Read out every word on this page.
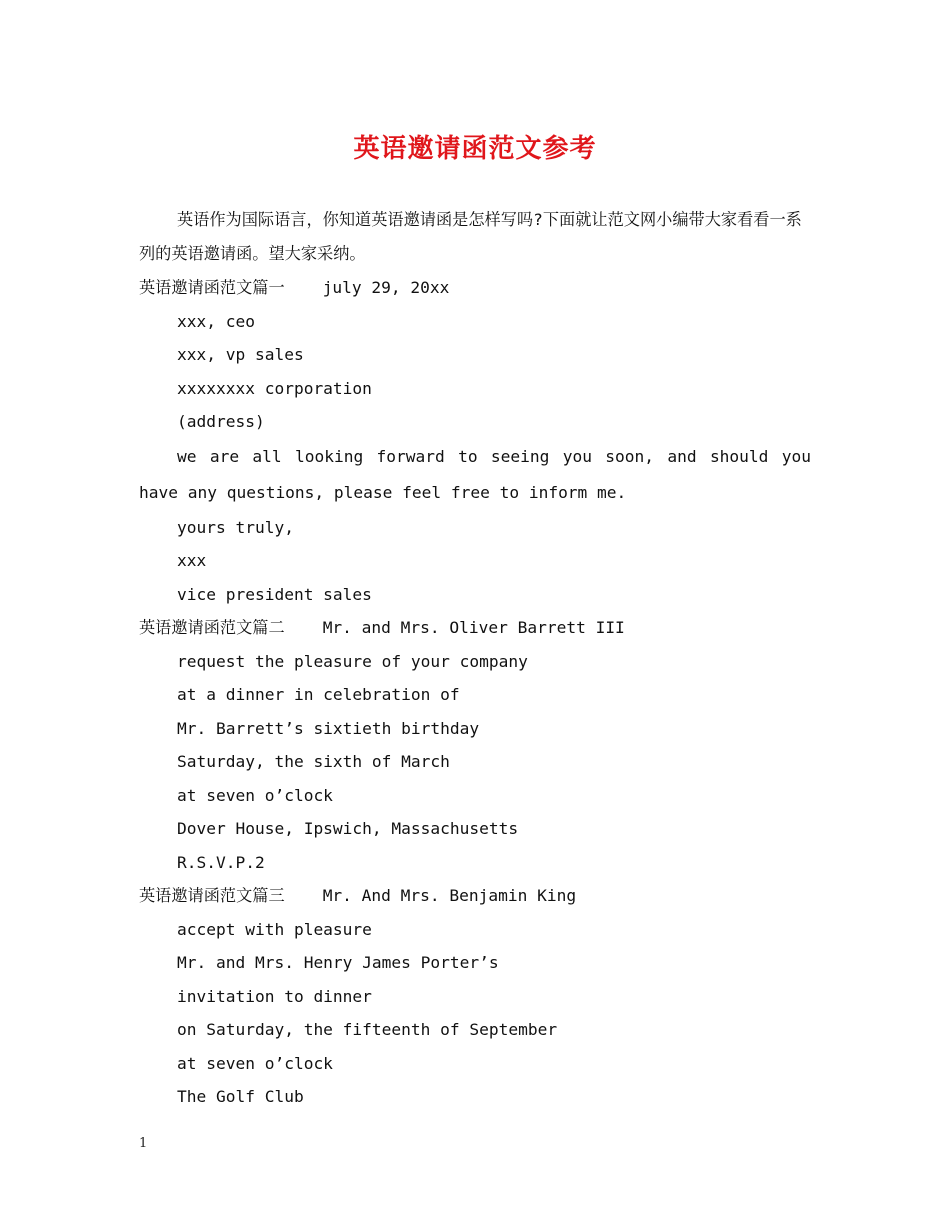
英语邀请函范文参考
英语作为国际语言，你知道英语邀请函是怎样写吗?下面就让范文网小编带大家看看一系列的英语邀请函。望大家采纳。
英语邀请函范文篇一 july 29, 20xx
xxx, ceo
xxx, vp sales
xxxxxxxx corporation
(address)
we are all looking forward to seeing you soon, and should you have any questions, please feel free to inform me.
yours truly,
xxx
vice president sales
英语邀请函范文篇二 Mr. and Mrs. Oliver Barrett III
request the pleasure of your company
at a dinner in celebration of
Mr. Barrett’s sixtieth birthday
Saturday, the sixth of March
at seven o’clock
Dover House, Ipswich, Massachusetts
R.S.V.P.2
英语邀请函范文篇三 Mr. And Mrs. Benjamin King
accept with pleasure
Mr. and Mrs. Henry James Porter’s
invitation to dinner
on Saturday, the fifteenth of September
at seven o’clock
The Golf Club
1
